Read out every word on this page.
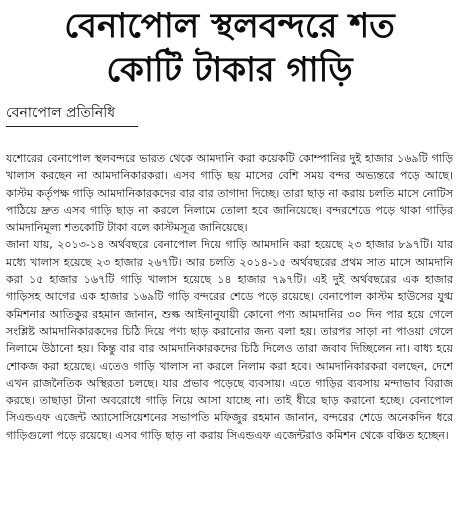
বেনাপোল স্থলবন্দরে শত
কোটি টাকার গাড়ি
বেনাপোল প্রতিনিধি

যশোরের বেনাপোল স্থলবন্দরে ভারত থেকে আমদানি করা কয়েকটি কোম্পানির দুই হাজার ১৬৯টি গাড়ি খালাস করছেন না আমদানিকারকরা। এসব গাড়ি ছয় মাসের বেশি সময় বন্দর অভ্যন্তরে পড়ে আছে। কাস্টম কর্তৃপক্ষ গাড়ি আমদানিকারকদের বার বার তাগাদা দিচ্ছে। তারা ছাড় না করায় চলতি মাসে নোটিস পাঠিয়ে দ্রুত এসব গাড়ি ছাড় না করলে নিলামে তোলা হবে জানিয়েছে। বন্দরশেডে পড়ে থাকা গাড়ির আমদানিমূল্য শতকোটি টাকা বলে কাস্টমসূত্র জানিয়েছে।

জানা যায়, ২০১৩-১৪ অর্থবছরে বেনাপোল দিয়ে গাড়ি আমদানি করা হয়েছে ২৩ হাজার ৮৯৭টি। যার মধ্যে খালাস হয়েছে ২৩ হাজার ২৬৭টি। আর চলতি ২০১৪-১৫ অর্থবছরের প্রথম সাত মাসে আমদানি করা ১৫ হাজার ১৬৭টি গাড়ি খালাস হয়েছে ১৪ হাজার ৭৯৭টি। এই দুই অর্থবছরের এক হাজার গাড়িসহ আগের এক হাজার ১৬৯টি গাড়ি বন্দরের শেডে পড়ে রয়েছে। বেনাপোল কাস্টম হাউসের যুগ্ম কমিশনার আতিকুর রহমান জানান, শুল্ক আইনানুযায়ী কোনো পণ্য আমদানির ৩০ দিন পার হয়ে গেলে সংশ্লিষ্ট আমদানিকারকদের চিঠি দিয়ে পণ্য ছাড় করানোর জন্য বলা হয়। তারপর সাড়া না পাওয়া গেলে নিলামে উঠানো হয়। কিন্তু বার বার আমদানিকারকদের চিঠি দিলেও তারা জবাব দিচ্ছিলেন না। বাধ্য হয়ে শোকজ করা হয়েছে। এতেও গাড়ি খালাস না করলে নিলাম করা হবে। আমদানিকারকরা বলছেন, দেশে এখন রাজনৈতিক অস্থিরতা চলছে। যার প্রভাব পড়েছে ব্যবসায়। এতে গাড়ির ব্যবসায় মন্দাভাব বিরাজ করছে। তাছাড়া টানা অবরোধে গাড়ি নিয়ে আসা যাচ্ছে না। তাই ধীরে ছাড় করানো হচ্ছে। বেনাপোল সিএন্ডএফ এজেন্ট অ্যাসোসিয়েশনের সভাপতি মফিজুর রহমান জানান, বন্দরের শেডে অনেকদিন ধরে গাড়িগুলো পড়ে রয়েছে। এসব গাড়ি ছাড় না করায় সিএন্ডএফ এজেন্টরাও কমিশন থেকে বঞ্চিত হচ্ছেন।
